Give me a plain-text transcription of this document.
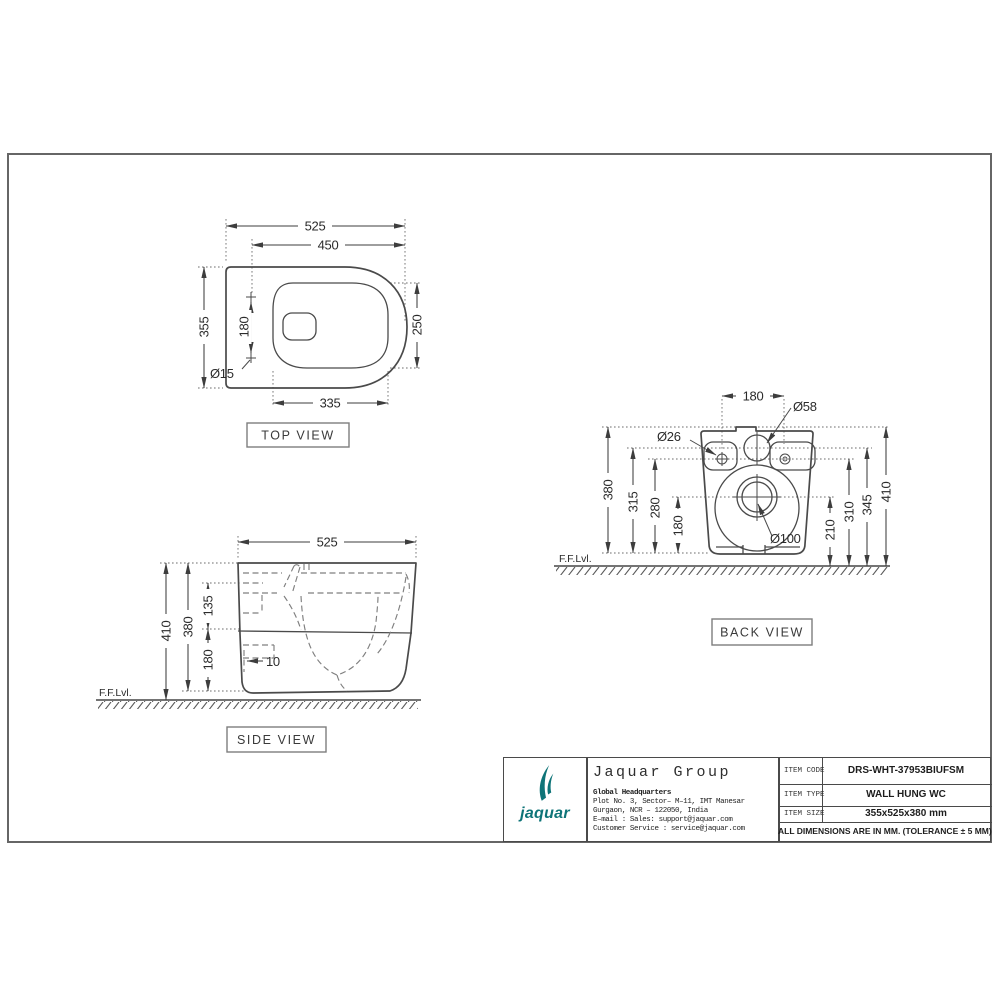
525
450
355 180	250
335
Ø15
TOP VIEW
F.F.Lvl.
525
410 380
135
180	10
SIDE VIEW
F.F.Lvl.
Ø58
Ø26
Ø100
180
380
315 280
180	210
310 345
410
BACK VIEW
jaquar
Jaquar Group
Global Headquarters
Plot No. 3, Sector– M–11, IMT Manesar
Gurgaon, NCR – 122050, India
E–mail : Sales: support@jaquar.com
Customer Service : service@jaquar.com
ITEM CODE	DRS-WHT-37953BIUFSM
ITEM TYPE	WALL HUNG WC
ITEM SIZE	355x525x380 mm
ALL DIMENSIONS ARE IN MM. (TOLERANCE ± 5 MM)
